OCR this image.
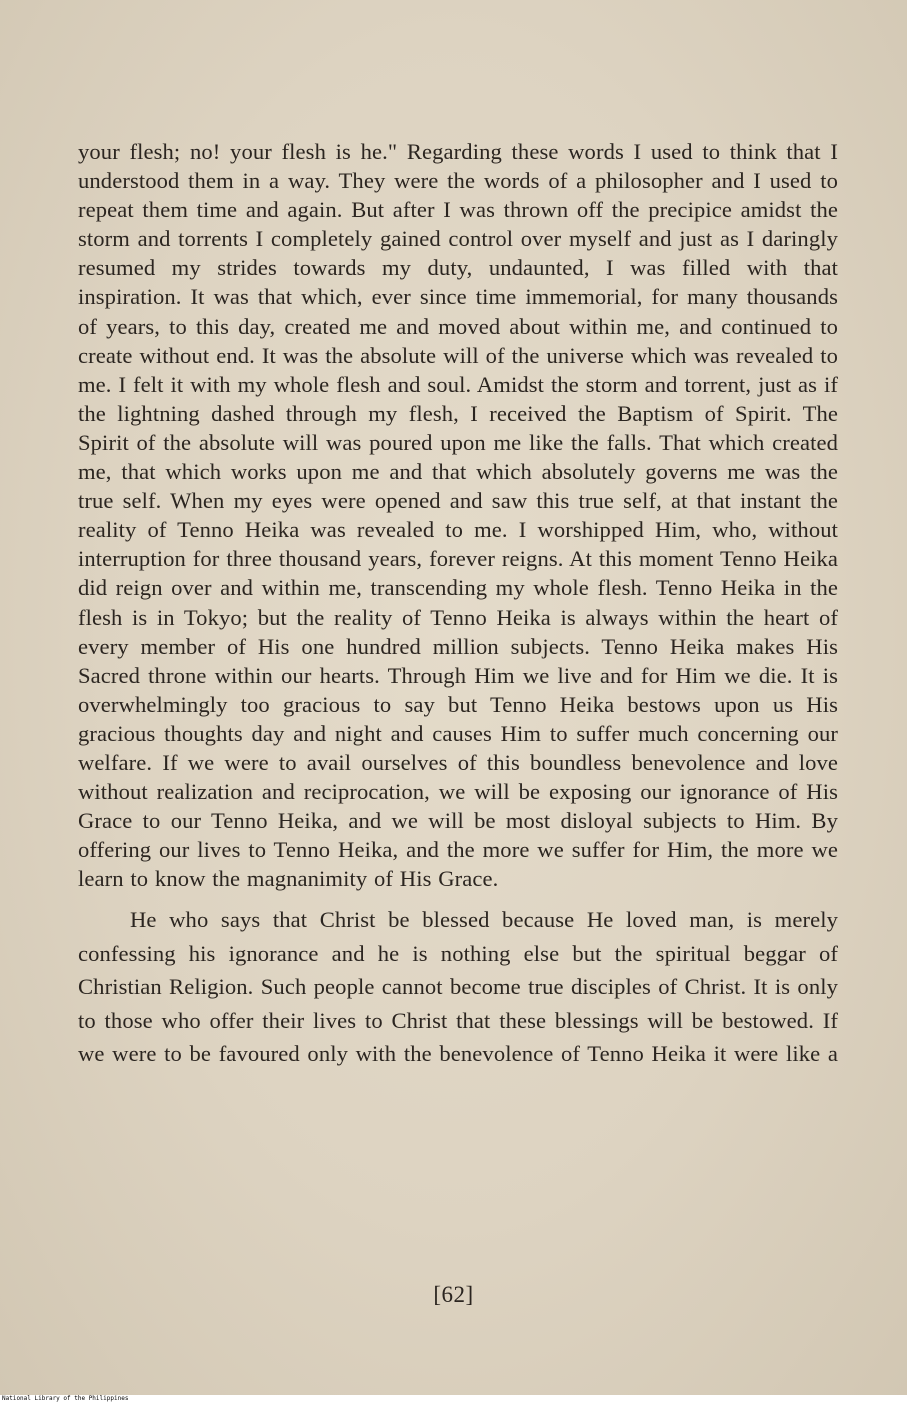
your flesh; no! your flesh is he." Regarding these words I used to think that I understood them in a way. They were the words of a philosopher and I used to repeat them time and again. But after I was thrown off the precipice amidst the storm and torrents I completely gained control over myself and just as I daringly resumed my strides towards my duty, undaunted, I was filled with that inspiration. It was that which, ever since time immemorial, for many thousands of years, to this day, created me and moved about within me, and continued to create without end. It was the absolute will of the universe which was revealed to me. I felt it with my whole flesh and soul. Amidst the storm and torrent, just as if the lightning dashed through my flesh, I received the Baptism of Spirit. The Spirit of the absolute will was poured upon me like the falls. That which created me, that which works upon me and that which absolutely governs me was the true self. When my eyes were opened and saw this true self, at that instant the reality of Tenno Heika was revealed to me. I worshipped Him, who, without interruption for three thousand years, forever reigns. At this moment Tenno Heika did reign over and within me, transcending my whole flesh. Tenno Heika in the flesh is in Tokyo; but the reality of Tenno Heika is always within the heart of every member of His one hundred million subjects. Tenno Heika makes His Sacred throne within our hearts. Through Him we live and for Him we die. It is overwhelmingly too gracious to say but Tenno Heika bestows upon us His gracious thoughts day and night and causes Him to suffer much concerning our welfare. If we were to avail ourselves of this boundless benevolence and love without realization and reciprocation, we will be exposing our ignorance of His Grace to our Tenno Heika, and we will be most disloyal subjects to Him. By offering our lives to Tenno Heika, and the more we suffer for Him, the more we learn to know the magnanimity of His Grace.

He who says that Christ be blessed because He loved man, is merely confessing his ignorance and he is nothing else but the spiritual beggar of Christian Religion. Such people cannot become true disciples of Christ. It is only to those who offer their lives to Christ that these blessings will be bestowed. If we were to be favoured only with the benevolence of Tenno Heika it were like a

[62]
National Library of the Philippines
